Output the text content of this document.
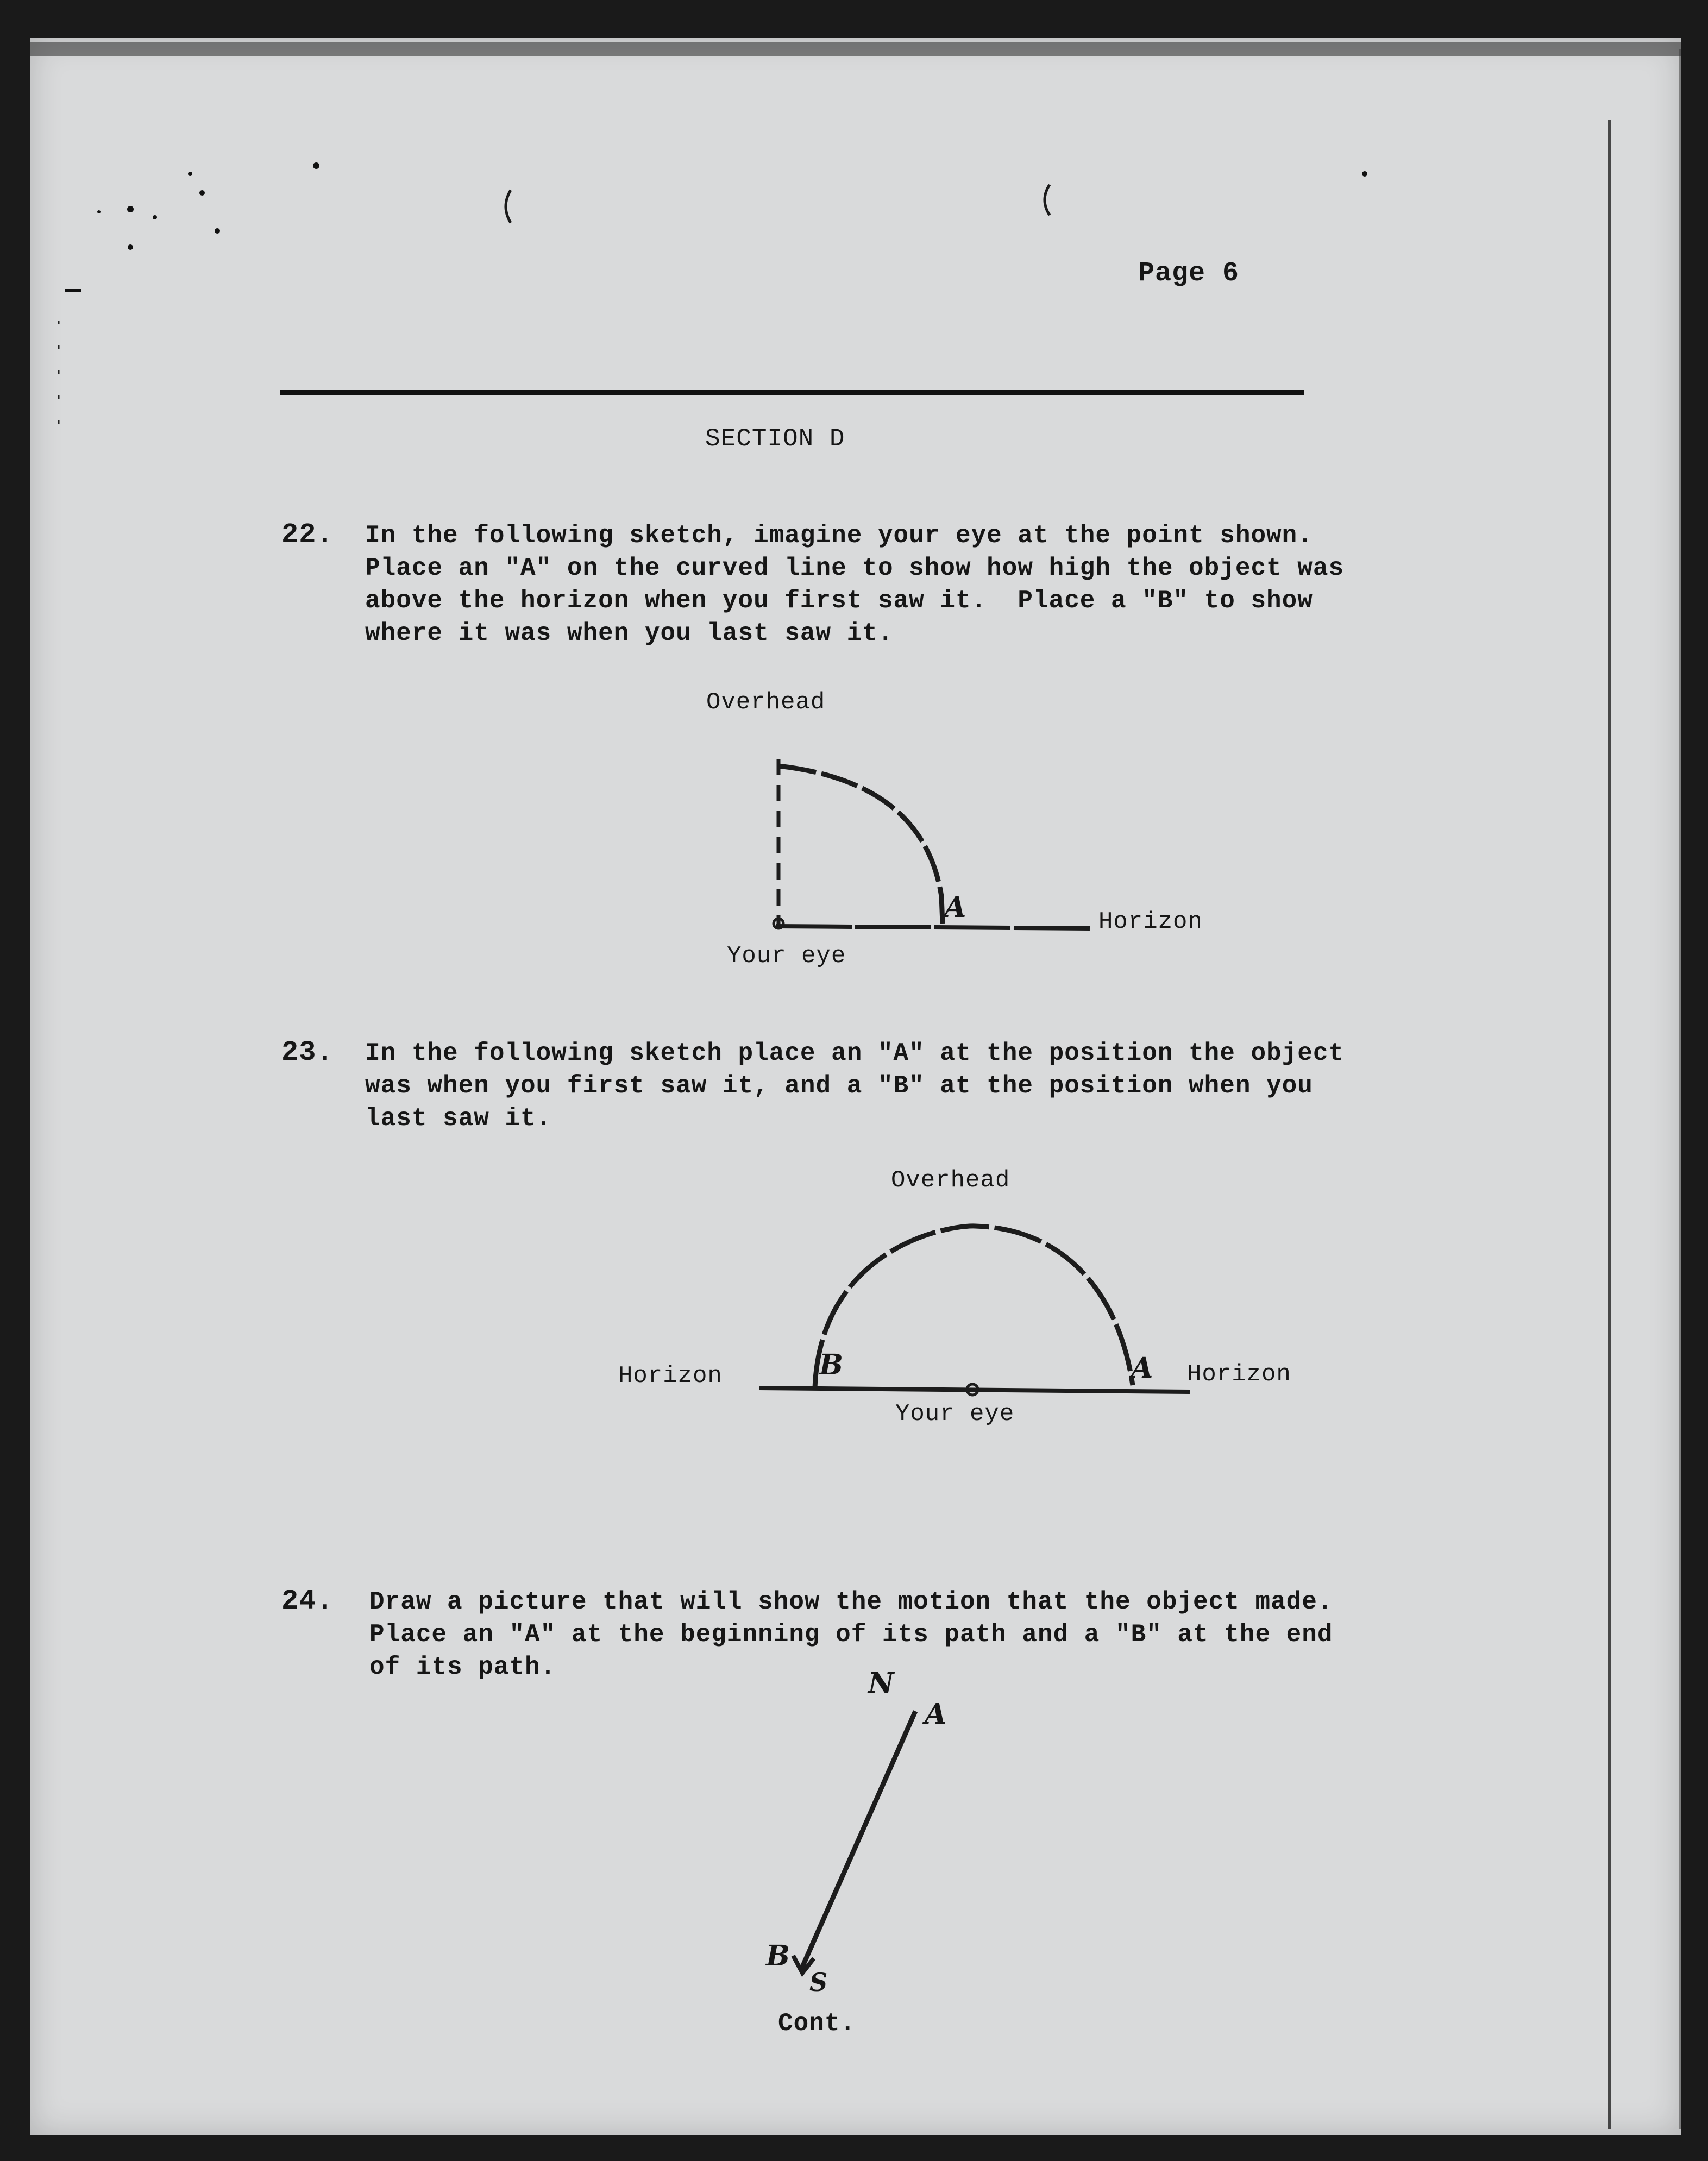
Page 6
SECTION D
22. In the following sketch, imagine your eye at the point shown.
Place an "A" on the curved line to show how high the object was
above the horizon when you first saw it.  Place a "B" to show
where it was when you last saw it.
Overhead
Horizon
Your eye
A
23. In the following sketch place an "A" at the position the object
was when you first saw it, and a "B" at the position when you
last saw it.
Overhead
Horizon	Horizon
Your eye
B	A
24. Draw a picture that will show the motion that the object made.
Place an "A" at the beginning of its path and a "B" at the end
of its path.	N
A
B
S
Cont.
